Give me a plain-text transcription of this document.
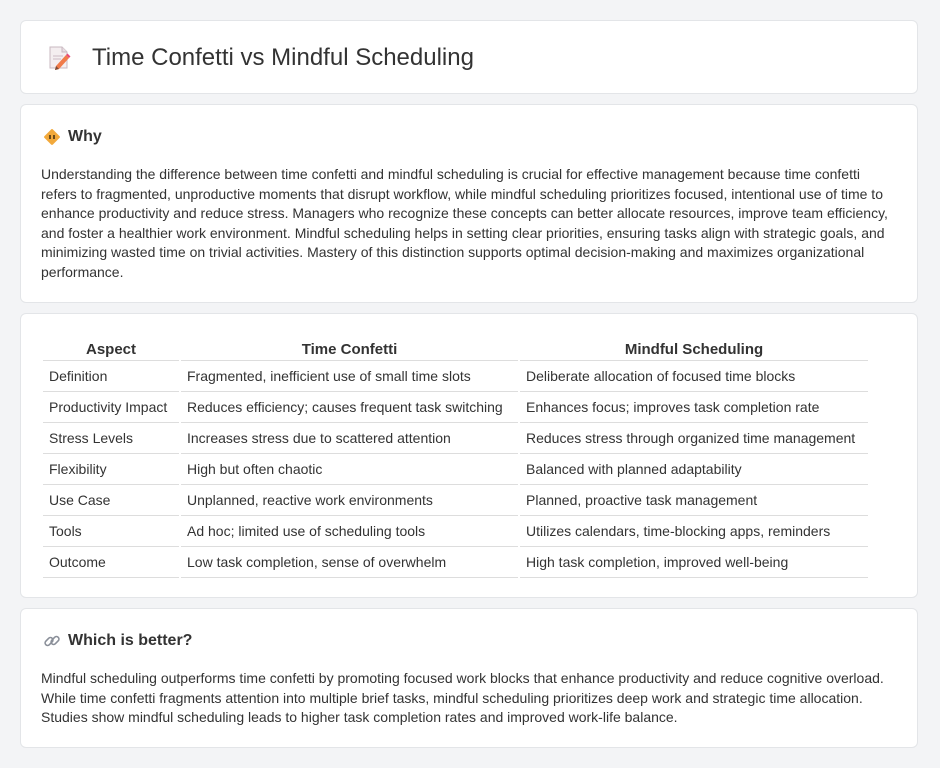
Time Confetti vs Mindful Scheduling
Why

Understanding the difference between time confetti and mindful scheduling is crucial for effective management because time confetti refers to fragmented, unproductive moments that disrupt workflow, while mindful scheduling prioritizes focused, intentional use of time to enhance productivity and reduce stress. Managers who recognize these concepts can better allocate resources, improve team efficiency, and foster a healthier work environment. Mindful scheduling helps in setting clear priorities, ensuring tasks align with strategic goals, and minimizing wasted time on trivial activities. Mastery of this distinction supports optimal decision-making and maximizes organizational performance.

Aspect	Time Confetti	Mindful Scheduling
Definition	Fragmented, inefficient use of small time slots	Deliberate allocation of focused time blocks
Productivity Impact	Reduces efficiency; causes frequent task switching	Enhances focus; improves task completion rate
Stress Levels	Increases stress due to scattered attention	Reduces stress through organized time management
Flexibility	High but often chaotic	Balanced with planned adaptability
Use Case	Unplanned, reactive work environments	Planned, proactive task management
Tools	Ad hoc; limited use of scheduling tools	Utilizes calendars, time-blocking apps, reminders
Outcome	Low task completion, sense of overwhelm	High task completion, improved well-being
Which is better?

Mindful scheduling outperforms time confetti by promoting focused work blocks that enhance productivity and reduce cognitive overload. While time confetti fragments attention into multiple brief tasks, mindful scheduling prioritizes deep work and strategic time allocation. Studies show mindful scheduling leads to higher task completion rates and improved work-life balance.
